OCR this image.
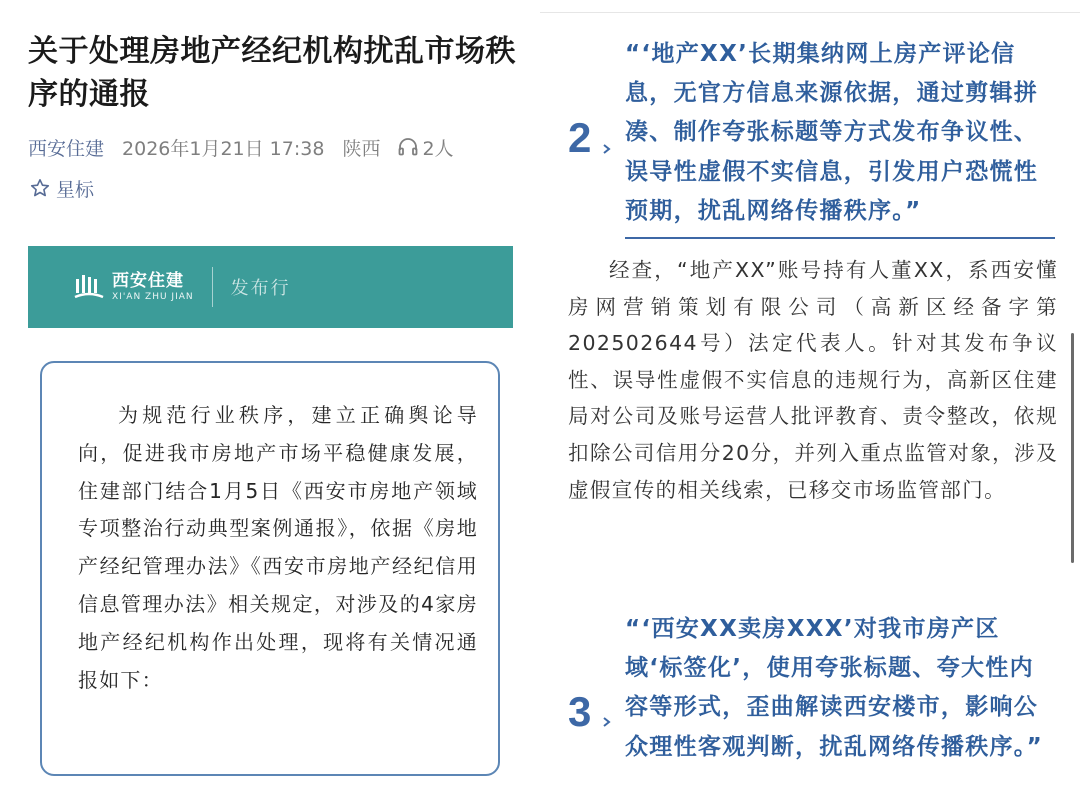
关于处理房地产经纪机构扰乱市场秩序的通报
西安住建 2026年1月21日 17:38 陕西 2人
星标
西安住建
XI'AN ZHU JIAN 发布行

为规范行业秩序，建立正确舆论导向，促进我市房地产市场平稳健康发展，住建部门结合1月5日《西安市房地产领域专项整治行动典型案例通报》，依据《房地产经纪管理办法》《西安市房地产经纪信用信息管理办法》相关规定，对涉及的4家房地产经纪机构作出处理，现将有关情况通报如下：

2

“‘地产XX’长期集纳网上房产评论信息，无官方信息来源依据，通过剪辑拼凑、制作夸张标题等方式发布争议性、误导性虚假不实信息，引发用户恐慌性预期，扰乱网络传播秩序。”

经查，“地产XX”账号持有人董XX，系西安懂房网营销策划有限公司（高新区经备字第202502644号）法定代表人。针对其发布争议性、误导性虚假不实信息的违规行为，高新区住建局对公司及账号运营人批评教育、责令整改，依规扣除公司信用分20分，并列入重点监管对象，涉及虚假宣传的相关线索，已移交市场监管部门。

3

“‘西安XX卖房XXX’对我市房产区域‘标签化’，使用夸张标题、夸大性内容等形式，歪曲解读西安楼市，影响公众理性客观判断，扰乱网络传播秩序。”
